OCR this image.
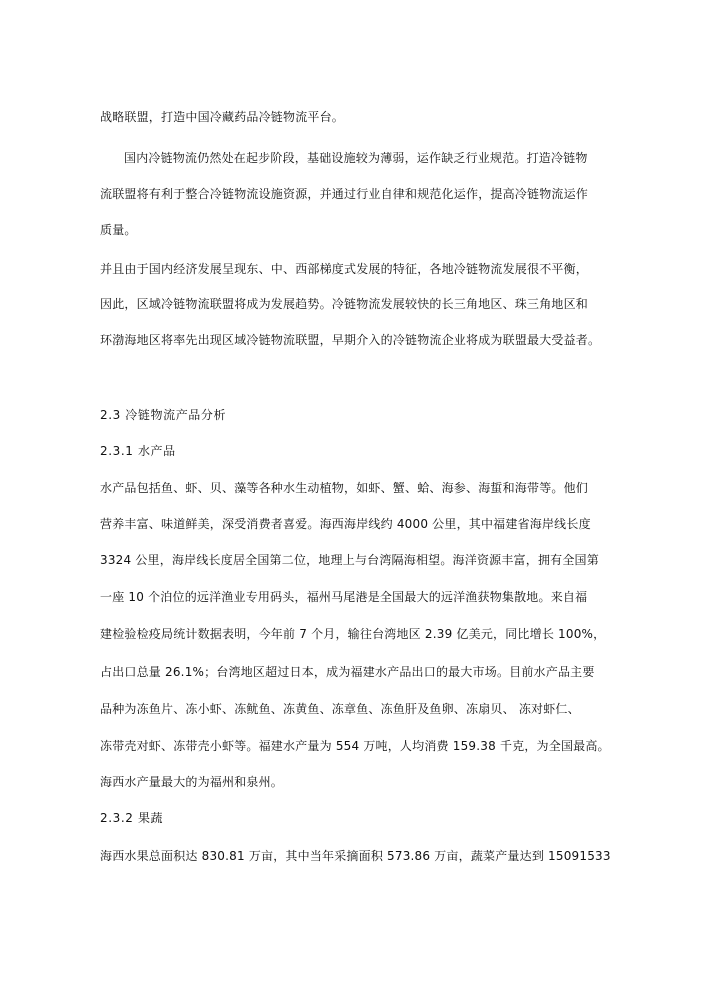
战略联盟，打造中国冷藏药品冷链物流平台。
国内冷链物流仍然处在起步阶段，基础设施较为薄弱，运作缺乏行业规范。打造冷链物
流联盟将有利于整合冷链物流设施资源，并通过行业自律和规范化运作，提高冷链物流运作
质量。
并且由于国内经济发展呈现东、中、西部梯度式发展的特征，各地冷链物流发展很不平衡，
因此，区域冷链物流联盟将成为发展趋势。冷链物流发展较快的长三角地区、珠三角地区和
环渤海地区将率先出现区域冷链物流联盟，早期介入的冷链物流企业将成为联盟最大受益者。
2.3 冷链物流产品分析
2.3.1 水产品
水产品包括鱼、虾、贝、藻等各种水生动植物，如虾、蟹、蛤、海参、海蜇和海带等。他们
营养丰富、味道鲜美，深受消费者喜爱。海西海岸线约 4000 公里，其中福建省海岸线长度
3324 公里，海岸线长度居全国第二位，地理上与台湾隔海相望。海洋资源丰富，拥有全国第
一座 10 个泊位的远洋渔业专用码头，福州马尾港是全国最大的远洋渔获物集散地。来自福
建检验检疫局统计数据表明，今年前 7 个月，输往台湾地区 2.39 亿美元，同比增长 100%，
占出口总量 26.1%；台湾地区超过日本，成为福建水产品出口的最大市场。目前水产品主要
品种为冻鱼片、冻小虾、冻鱿鱼、冻黄鱼、冻章鱼、冻鱼肝及鱼卵、冻扇贝、 冻对虾仁、
冻带壳对虾、冻带壳小虾等。福建水产量为 554 万吨，人均消费 159.38 千克，为全国最高。
海西水产量最大的为福州和泉州。
2.3.2 果蔬
海西水果总面积达 830.81 万亩，其中当年采摘面积 573.86 万亩，蔬菜产量达到 15091533
